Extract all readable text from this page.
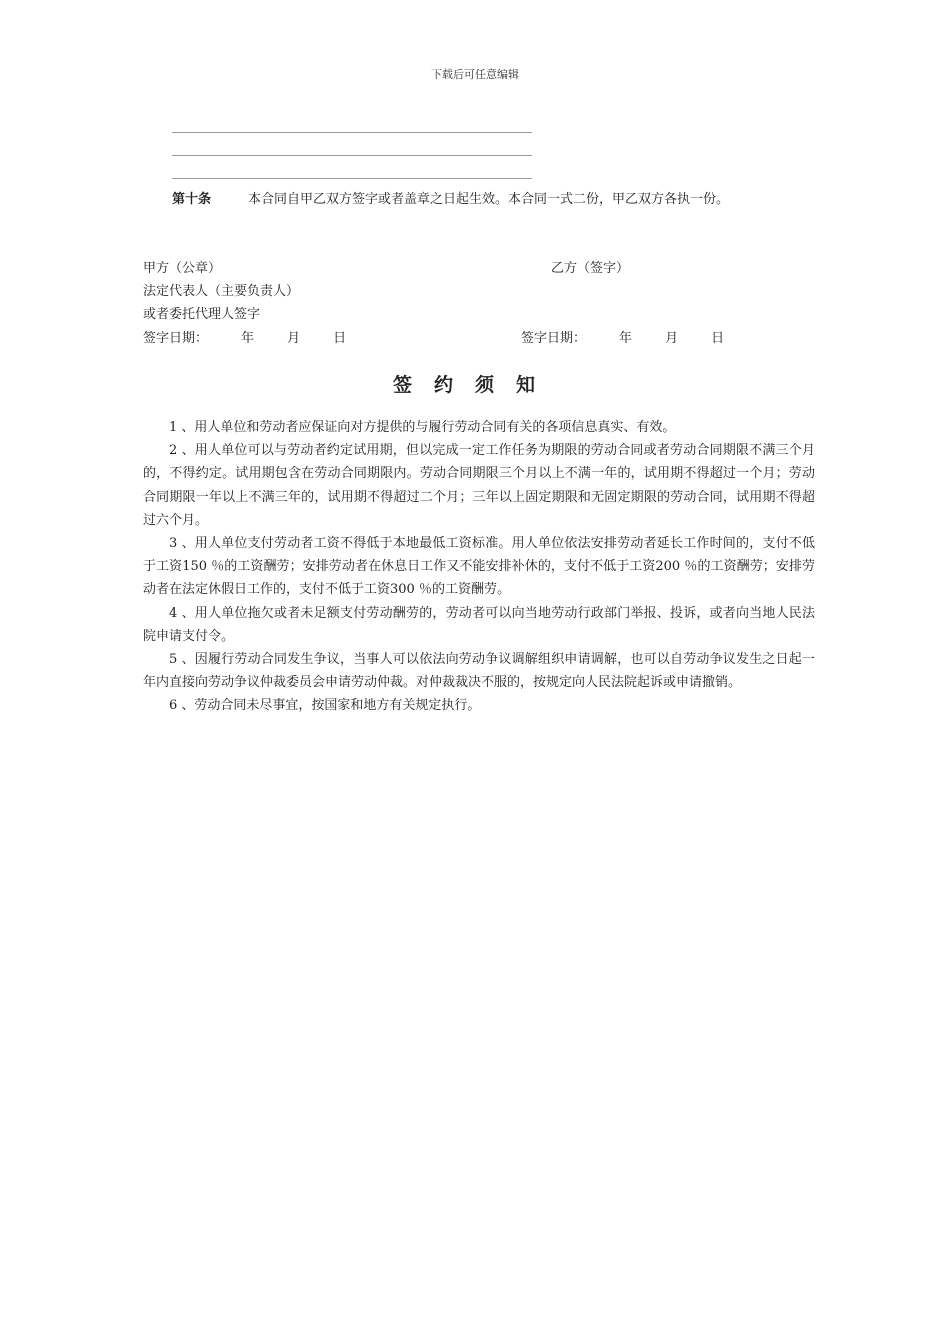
下载后可任意编辑
第十条	本合同自甲乙双方签字或者盖章之日起生效。本合同一式二份，甲乙双方各执一份。
甲方（公章）	乙方（签字）
法定代表人（主要负责人）
或者委托代理人签字
签字日期：        年        月        日	签字日期：        年        月        日
签约须知

1 、用人单位和劳动者应保证向对方提供的与履行劳动合同有关的各项信息真实、有效。

2 、用人单位可以与劳动者约定试用期，但以完成一定工作任务为期限的劳动合同或者劳动合同期限不满三个月的，不得约定。试用期包含在劳动合同期限内。劳动合同期限三个月以上不满一年的，试用期不得超过一个月；劳动合同期限一年以上不满三年的，试用期不得超过二个月；三年以上固定期限和无固定期限的劳动合同，试用期不得超过六个月。

3 、用人单位支付劳动者工资不得低于本地最低工资标准。用人单位依法安排劳动者延长工作时间的，支付不低于工资150 ％的工资酬劳；安排劳动者在休息日工作又不能安排补休的，支付不低于工资200 ％的工资酬劳；安排劳动者在法定休假日工作的，支付不低于工资300 ％的工资酬劳。

4 、用人单位拖欠或者未足额支付劳动酬劳的，劳动者可以向当地劳动行政部门举报、投诉，或者向当地人民法院申请支付令。

5 、因履行劳动合同发生争议，当事人可以依法向劳动争议调解组织申请调解，也可以自劳动争议发生之日起一年内直接向劳动争议仲裁委员会申请劳动仲裁。对仲裁裁决不服的，按规定向人民法院起诉或申请撤销。

6 、劳动合同未尽事宜，按国家和地方有关规定执行。
